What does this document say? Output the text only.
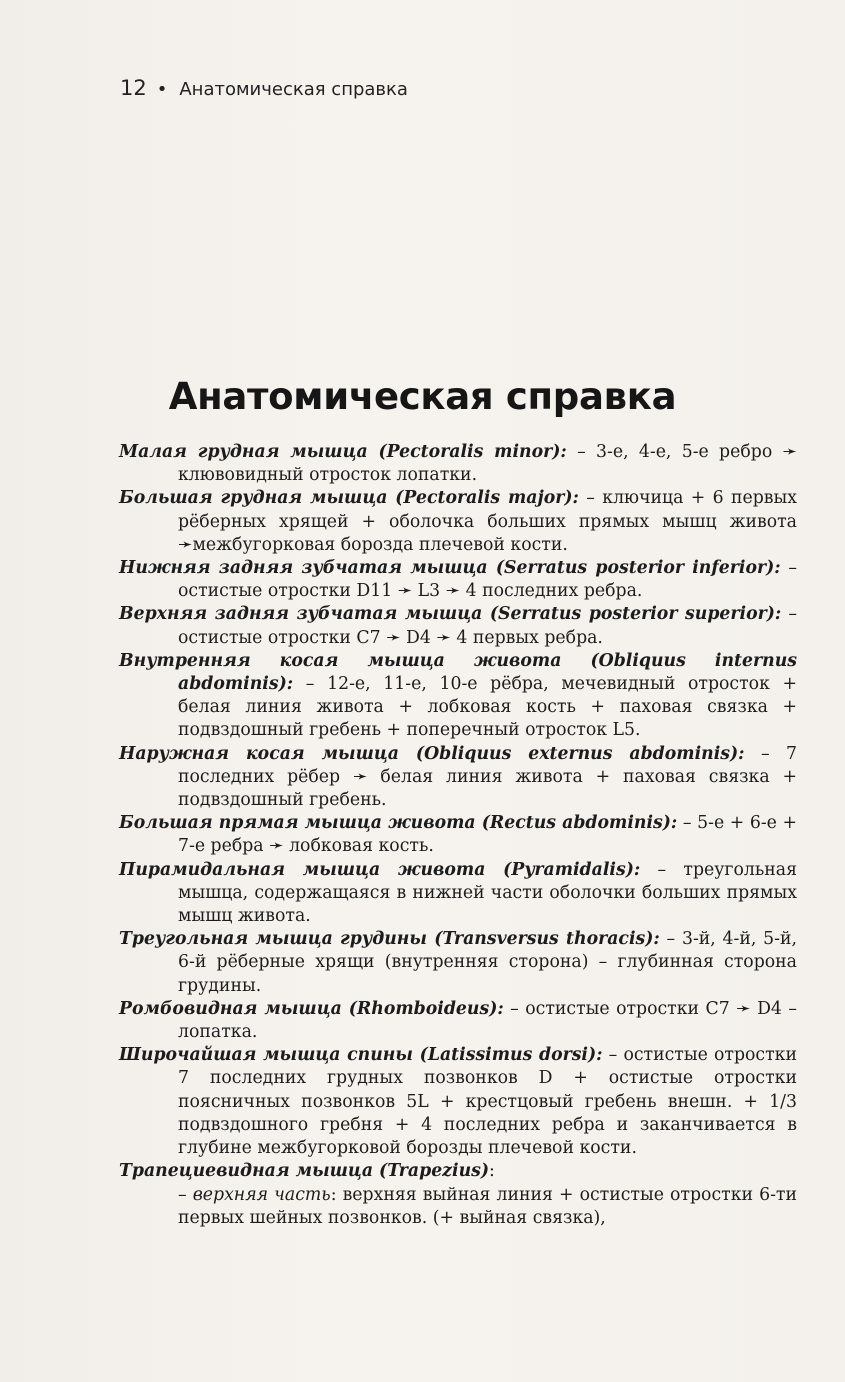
12 • Анатомическая справка
Анатомическая справка

Малая грудная мышца (Pectoralis minor): – 3-е, 4-е, 5-е ребро ➛ клювовидный отросток лопатки.

Большая грудная мышца (Pectoralis major): – ключица + 6 первых рёберных хрящей + оболочка больших прямых мышц живота ➛межбугорковая борозда плечевой кости.

Нижняя задняя зубчатая мышца (Serratus posterior inferior): – остистые отростки D11 ➛ L3 ➛ 4 последних ребра.

Верхняя задняя зубчатая мышца (Serratus posterior superior): – остистые отростки С7 ➛ D4 ➛ 4 первых ребра.

Внутренняя косая мышца живота (Obliquus internus abdominis): – 12-е, 11-е, 10-е рёбра, мечевидный отросток + белая линия живота + лобковая кость + паховая связка + подвздошный гребень + поперечный отросток L5.

Наружная косая мышца (Obliquus externus abdominis): – 7 последних рёбер ➛ белая линия живота + паховая связка + подвздошный гребень.

Большая прямая мышца живота (Rectus abdominis): – 5-е + 6-е + 7-е ребра ➛ лобковая кость.

Пирамидальная мышца живота (Pyramidalis): – треугольная мышца, содержащаяся в нижней части оболочки больших прямых мышц живота.

Треугольная мышца грудины (Transversus thoracis): – 3-й, 4-й, 5-й, 6-й рёберные хрящи (внутренняя сторона) – глубинная сторона грудины.

Ромбовидная мышца (Rhomboideus): – остистые отростки С7 ➛ D4 – лопатка.

Широчайшая мышца спины (Latissimus dorsi): – остистые отростки 7 последних грудных позвонков D + остистые отростки поясничных позвонков 5L + крестцовый гребень внешн. + 1/3 подвздошного гребня + 4 последних ребра и заканчивается в глубине межбугорковой борозды плечевой кости.

Трапециевидная мышца (Trapezius):

– верхняя часть: верхняя выйная линия + остистые отростки 6-ти первых шейных позвонков. (+ выйная связка),
